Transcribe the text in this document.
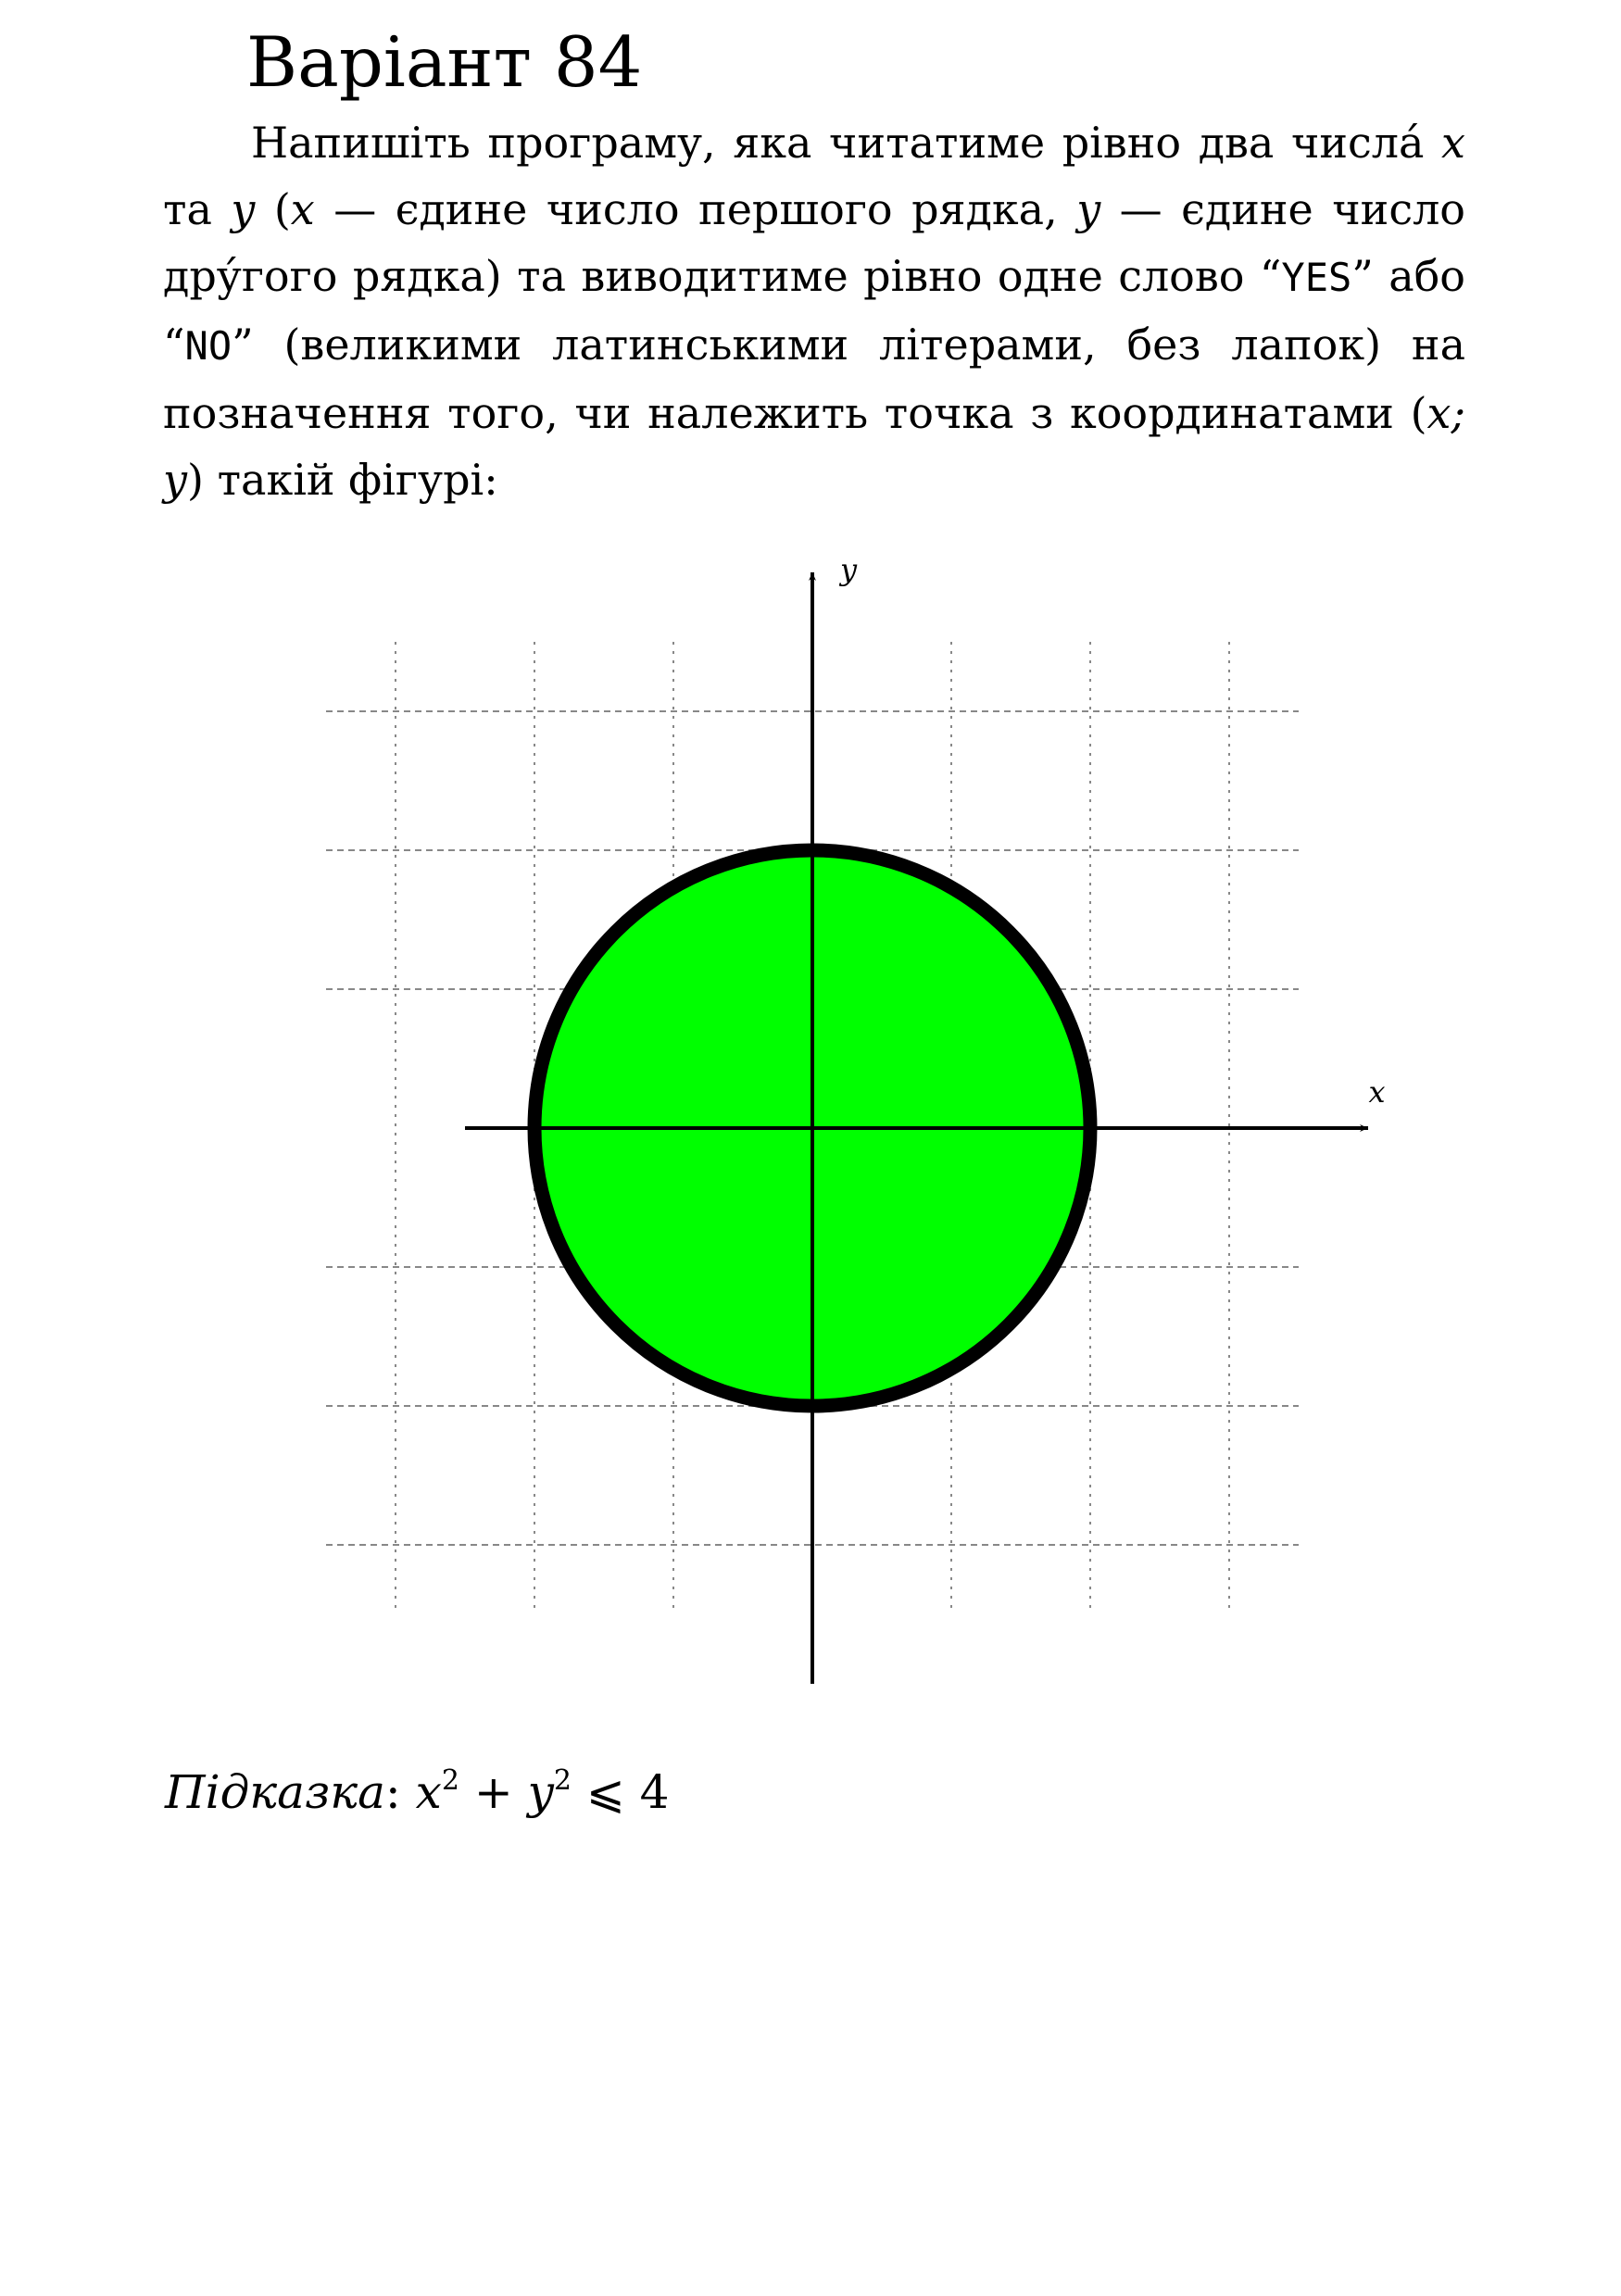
Варіант 84

Напишіть програму, яка читатиме рівно два числа́ x та y (x — єдине число першого рядка, y — єдине число дру́гого рядка) та виводитиме рівно одне слово “YES” або “NO” (великими латинськими літерами, без лапок) на позначення того, чи належить точка з координатами (x; y) такій фігурі:

x
y

Підказка: $x^2 + y^2$ ⩽ 4
